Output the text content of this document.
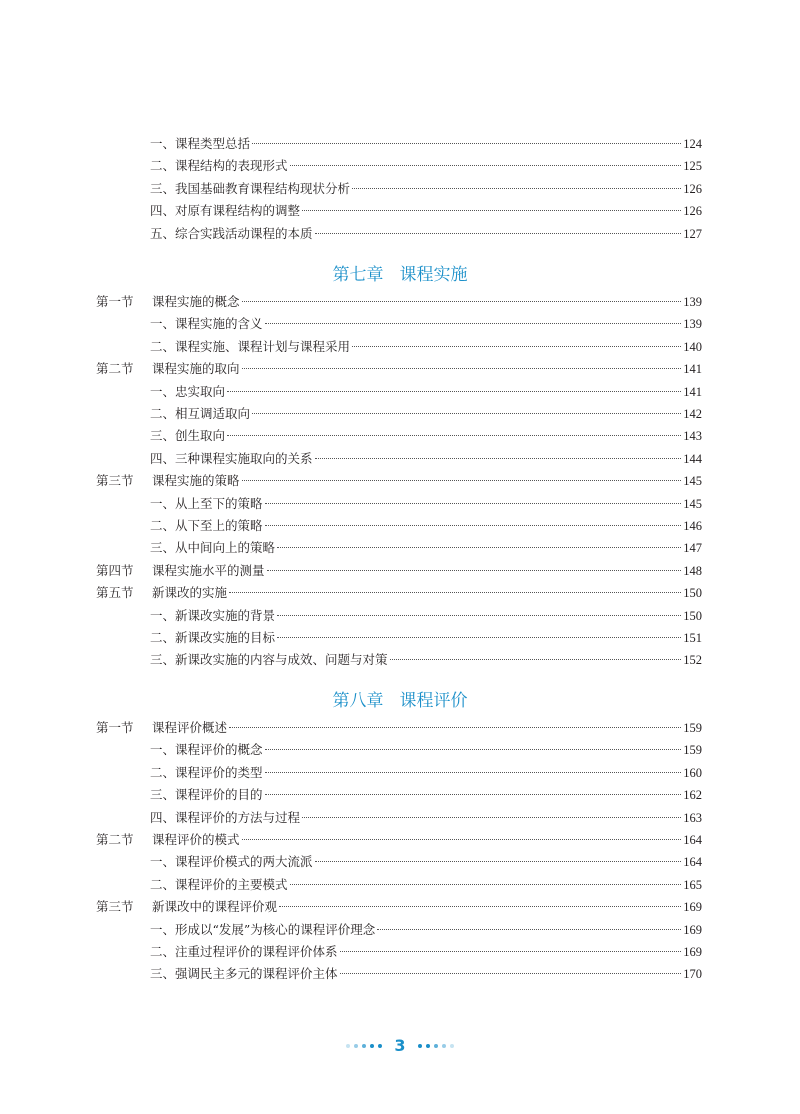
一、课程类型总括	124
二、课程结构的表现形式	125
三、我国基础教育课程结构现状分析	126
四、对原有课程结构的调整	126
五、综合实践活动课程的本质	127
第七章 课程实施
第一节	课程实施的概念	139
一、课程实施的含义	139
二、课程实施、课程计划与课程采用	140
第二节	课程实施的取向	141
一、忠实取向	141
二、相互调适取向	142
三、创生取向	143
四、三种课程实施取向的关系	144
第三节	课程实施的策略	145
一、从上至下的策略	145
二、从下至上的策略	146
三、从中间向上的策略	147
第四节	课程实施水平的测量	148
第五节	新课改的实施	150
一、新课改实施的背景	150
二、新课改实施的目标	151
三、新课改实施的内容与成效、问题与对策	152
第八章 课程评价
第一节	课程评价概述	159
一、课程评价的概念	159
二、课程评价的类型	160
三、课程评价的目的	162
四、课程评价的方法与过程	163
第二节	课程评价的模式	164
一、课程评价模式的两大流派	164
二、课程评价的主要模式	165
第三节	新课改中的课程评价观	169
一、形成以“发展”为核心的课程评价理念	169
二、注重过程评价的课程评价体系	169
三、强调民主多元的课程评价主体	170
3
